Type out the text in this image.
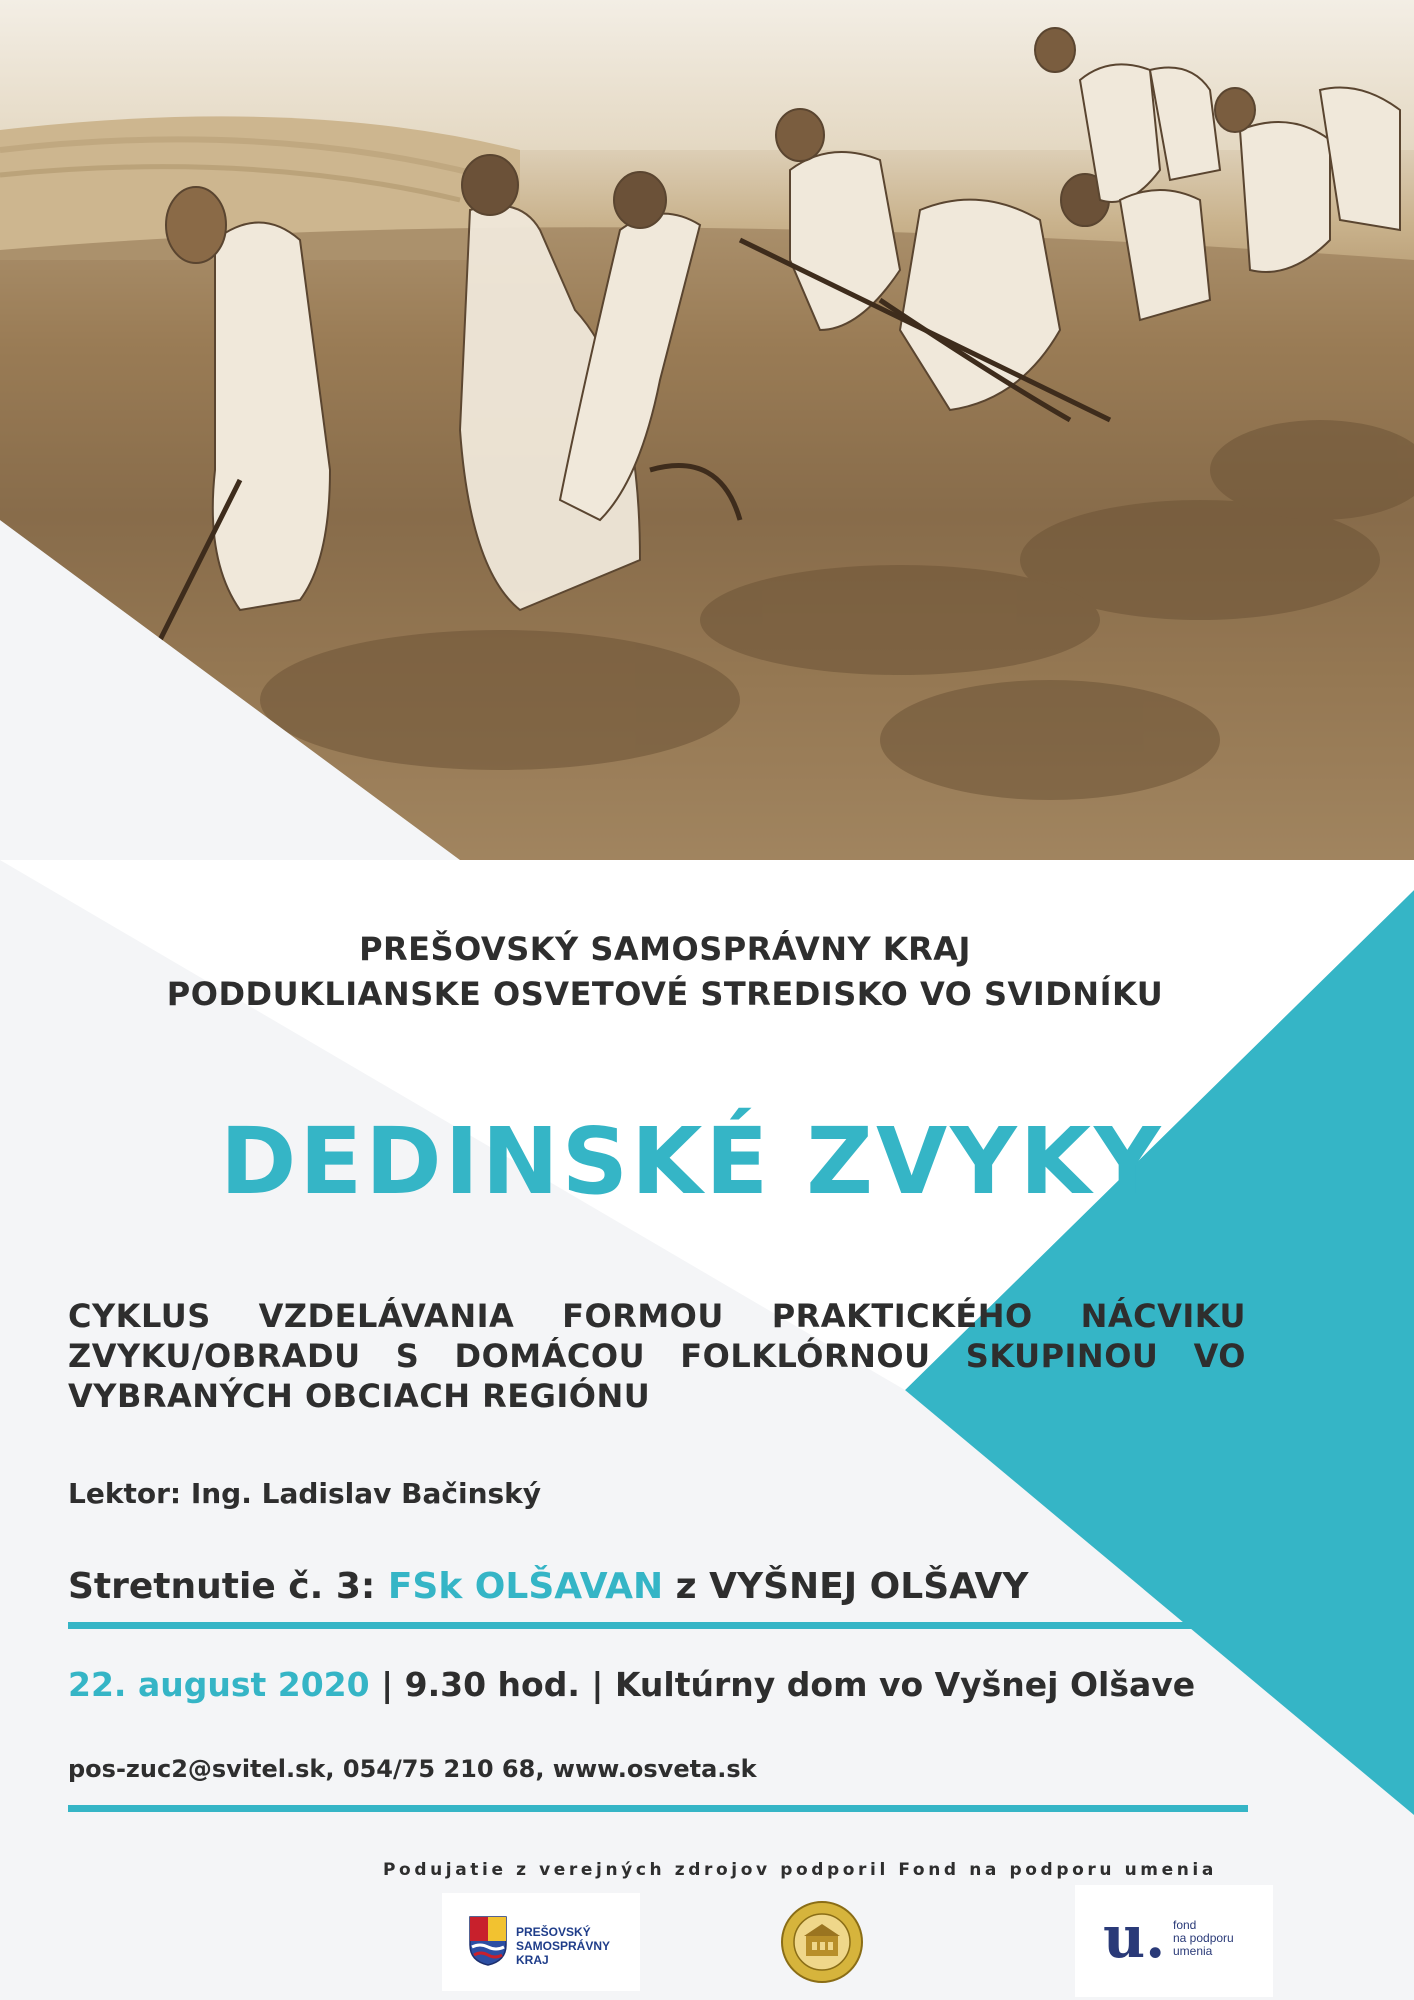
PREŠOVSKÝ SAMOSPRÁVNY KRAJ
PODDUKLIANSKE OSVETOVÉ STREDISKO VO SVIDNÍKU
DEDINSKÉ ZVYKY
CYKLUS VZDELÁVANIA FORMOU PRAKTICKÉHO NÁCVIKU ZVYKU/OBRADU S DOMÁCOU FOLKLÓRNOU SKUPINOU VO VYBRANÝCH OBCIACH REGIÓNU
Lektor: Ing. Ladislav Bačinský
Stretnutie č. 3: FSk OLŠAVAN z VYŠNEJ OLŠAVY
22. august 2020 | 9.30 hod. | Kultúrny dom vo Vyšnej Olšave
pos-zuc2@svitel.sk, 054/75 210 68, www.osveta.sk
Podujatie z verejných zdrojov podporil Fond na podporu umenia
PREŠOVSKÝ
SAMOSPRÁVNY
KRAJ	u. fond
na podporu
umenia
